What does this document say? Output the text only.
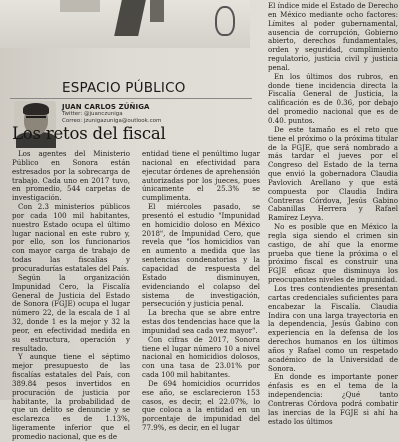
ESPACIO PÚBLICO
JUAN CARLOS ZÚÑIGA
Twitter: @juanczuniga
Correo: jzunigazuniga@outlook.com
Los retos del fiscal

Los agentes del Ministerio Público en Sonora están estresados por la sobrecarga de trabajo. Cada uno en 2017 tuvo, en promedio, 544 carpetas de investigación.

Con 2.3 ministerios públicos por cada 100 mil habitantes, nuestro Estado ocupa el último lugar nacional en este rubro y, por ello, son los funcionarios con mayor carga de trabajo de todas las fiscalías y procuradurías estatales del País.

Según la organización Impunidad Cero, la Fiscalía General de Justicia del Estado de Sonora (FGJE) ocupa el lugar número 22, de la escala de 1 al 32, donde 1 es la mejor y 32 la peor, en efectividad medida en su estructura, operación y resultado.

Y aunque tiene el séptimo mejor presupuesto de las fiscalías estatales del País, con 389.84 pesos invertidos en procuración de justicia por habitante, la probabilidad de que un delito se denuncie y se esclarezca es de 1.13%, ligeramente inferior que el promedio nacional, que es de

entidad tiene el penúltimo lugar nacional en efectividad para ejecutar órdenes de aprehensión autorizadas por los jueces, pues únicamente el 25.3% se cumplimenta.

El miércoles pasado, se presentó el estudio "Impunidad en homicidio doloso en México 2018", de Impunidad Cero, que revela que "los homicidios van en aumento a medida que las sentencias condenatorias y la capacidad de respuesta del Estado disminuyen, evidenciando el colapso del sistema de investigación, persecución y justicia penal.

La brecha que se abre entre estas dos tendencias hace que la impunidad sea cada vez mayor".

Con cifras de 2017, Sonora tiene el lugar número 10 a nivel nacional en homicidios dolosos, con una tasa de 23.01% por cada 100 mil habitantes.

De 694 homicidios ocurridos ese año, se esclarecieron 153 casos, es decir, el 22.07%, lo que coloca a la entidad en un porcentaje de impunidad del 77.9%, es decir, en el lugar

El índice mide el Estado de Derecho en México mediante ocho factores: Límites al poder gubernamental, ausencia de corrupción, Gobierno abierto, derechos fundamentales, orden y seguridad, cumplimiento regulatorio, justicia civil y justicia penal.

En los últimos dos rubros, en donde tiene incidencia directa la Fiscalía General de Justicia, la calificación es de 0.36, por debajo del promedio nacional que es de 0.40. puntos.

De este tamaño es el reto que tiene el próximo o la próxima titular de la FGJE, que será nombrado a más tardar el jueves por el Congreso del Estado de la terna que envió la gobernadora Claudia Pavlovich Arellano y que está compuesta por Claudia Indira Contreras Córdova, Jesús Gabino Cabanillas Herrera y Rafael Ramírez Leyva.

No es posible que en México la regla siga siendo el crimen sin castigo, de ahí que la enorme prueba que tiene la próxima o el próximo fiscal es construir una FGJE eficaz que disminuya los preocupantes niveles de impunidad.

Los tres contendientes presentan cartas credenciales suficientes para encabezar la Fiscalía. Claudia Indira con una larga trayectoria en la dependencia, Jesús Gabino con experiencia en la defensa de los derechos humanos en los últimos años y Rafael como un respetado académico de la Universidad de Sonora.

En donde es importante poner énfasis es en el tema de la independencia: ¿Qué tanto Contreras Córdova podrá combatir las inercias de la FGJE si ahí ha estado los últimos
